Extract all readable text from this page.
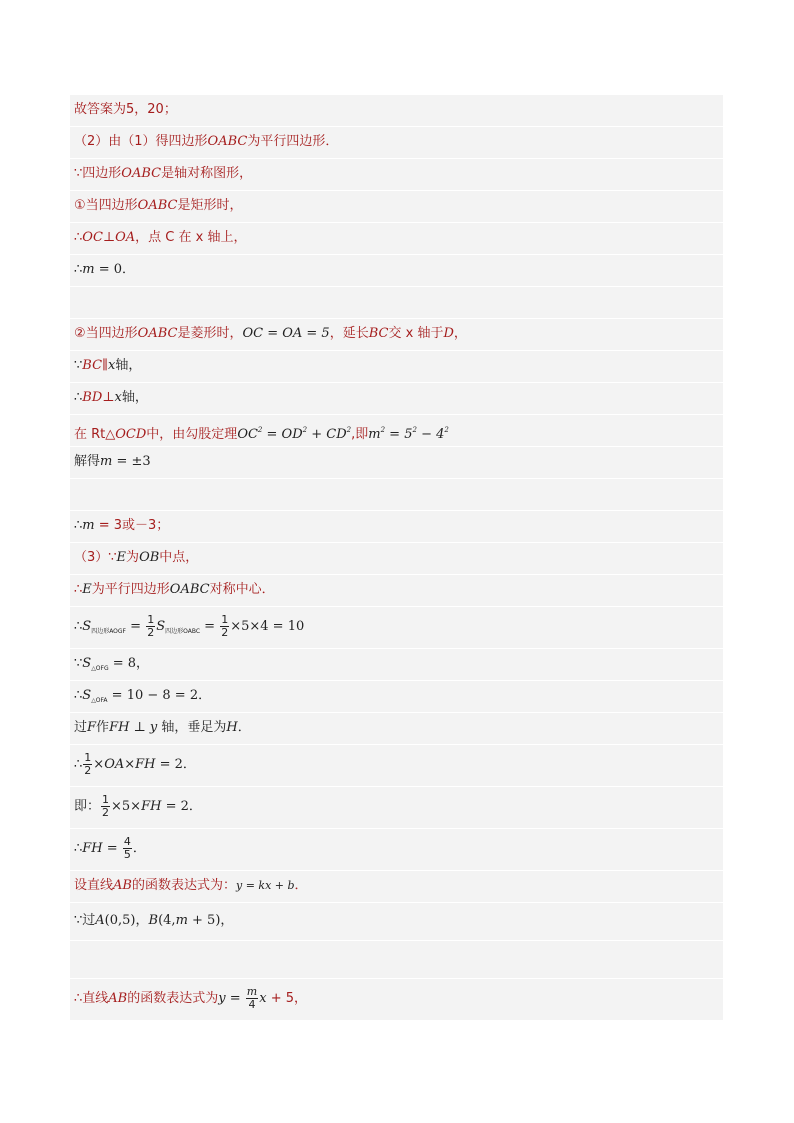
故答案为5，20；
（2）由（1）得四边形OABC为平行四边形．
∵四边形OABC是轴对称图形，
①当四边形OABC是矩形时，
∴OC⊥OA，点 C 在 x 轴上，
∴m = 0．
②当四边形OABC是菱形时，OC = OA = 5，延长BC交 x 轴于D，
∵BC∥x轴，
∴BD⊥x轴，
在 Rt△OCD中，由勾股定理$OC^2 = OD^2 + CD^2$,即$m^2 = 5^2 - 4^2$
解得m = ±3
∴m = 3或－3；
（3）∵E为OB中点，
∴E为平行四边形OABC对称中心．
$\therefore S_{四边形AOGF} = \frac{1}{2} S_{四边形OABC} = \frac{1}{2} \times 5\times 4 = 10$
$\because S_{\triangle OFG} = 8$，
$\therefore S_{\triangle OFA} = 10 - 8 = 2$．
过F作FH ⊥ y 轴，垂足为H．
∴ $\frac{1}{2} \times OA\times FH = 2$．
即： $\frac{1}{2} \times 5\times FH = 2$．
∴FH = $\frac{4}{5}$ ．
设直线AB的函数表达式为：y = kx + b．
∵过A(0,5)，B(4,m + 5)，
∴直线AB的函数表达式为$y = \frac{m}{4}$ x + 5，
